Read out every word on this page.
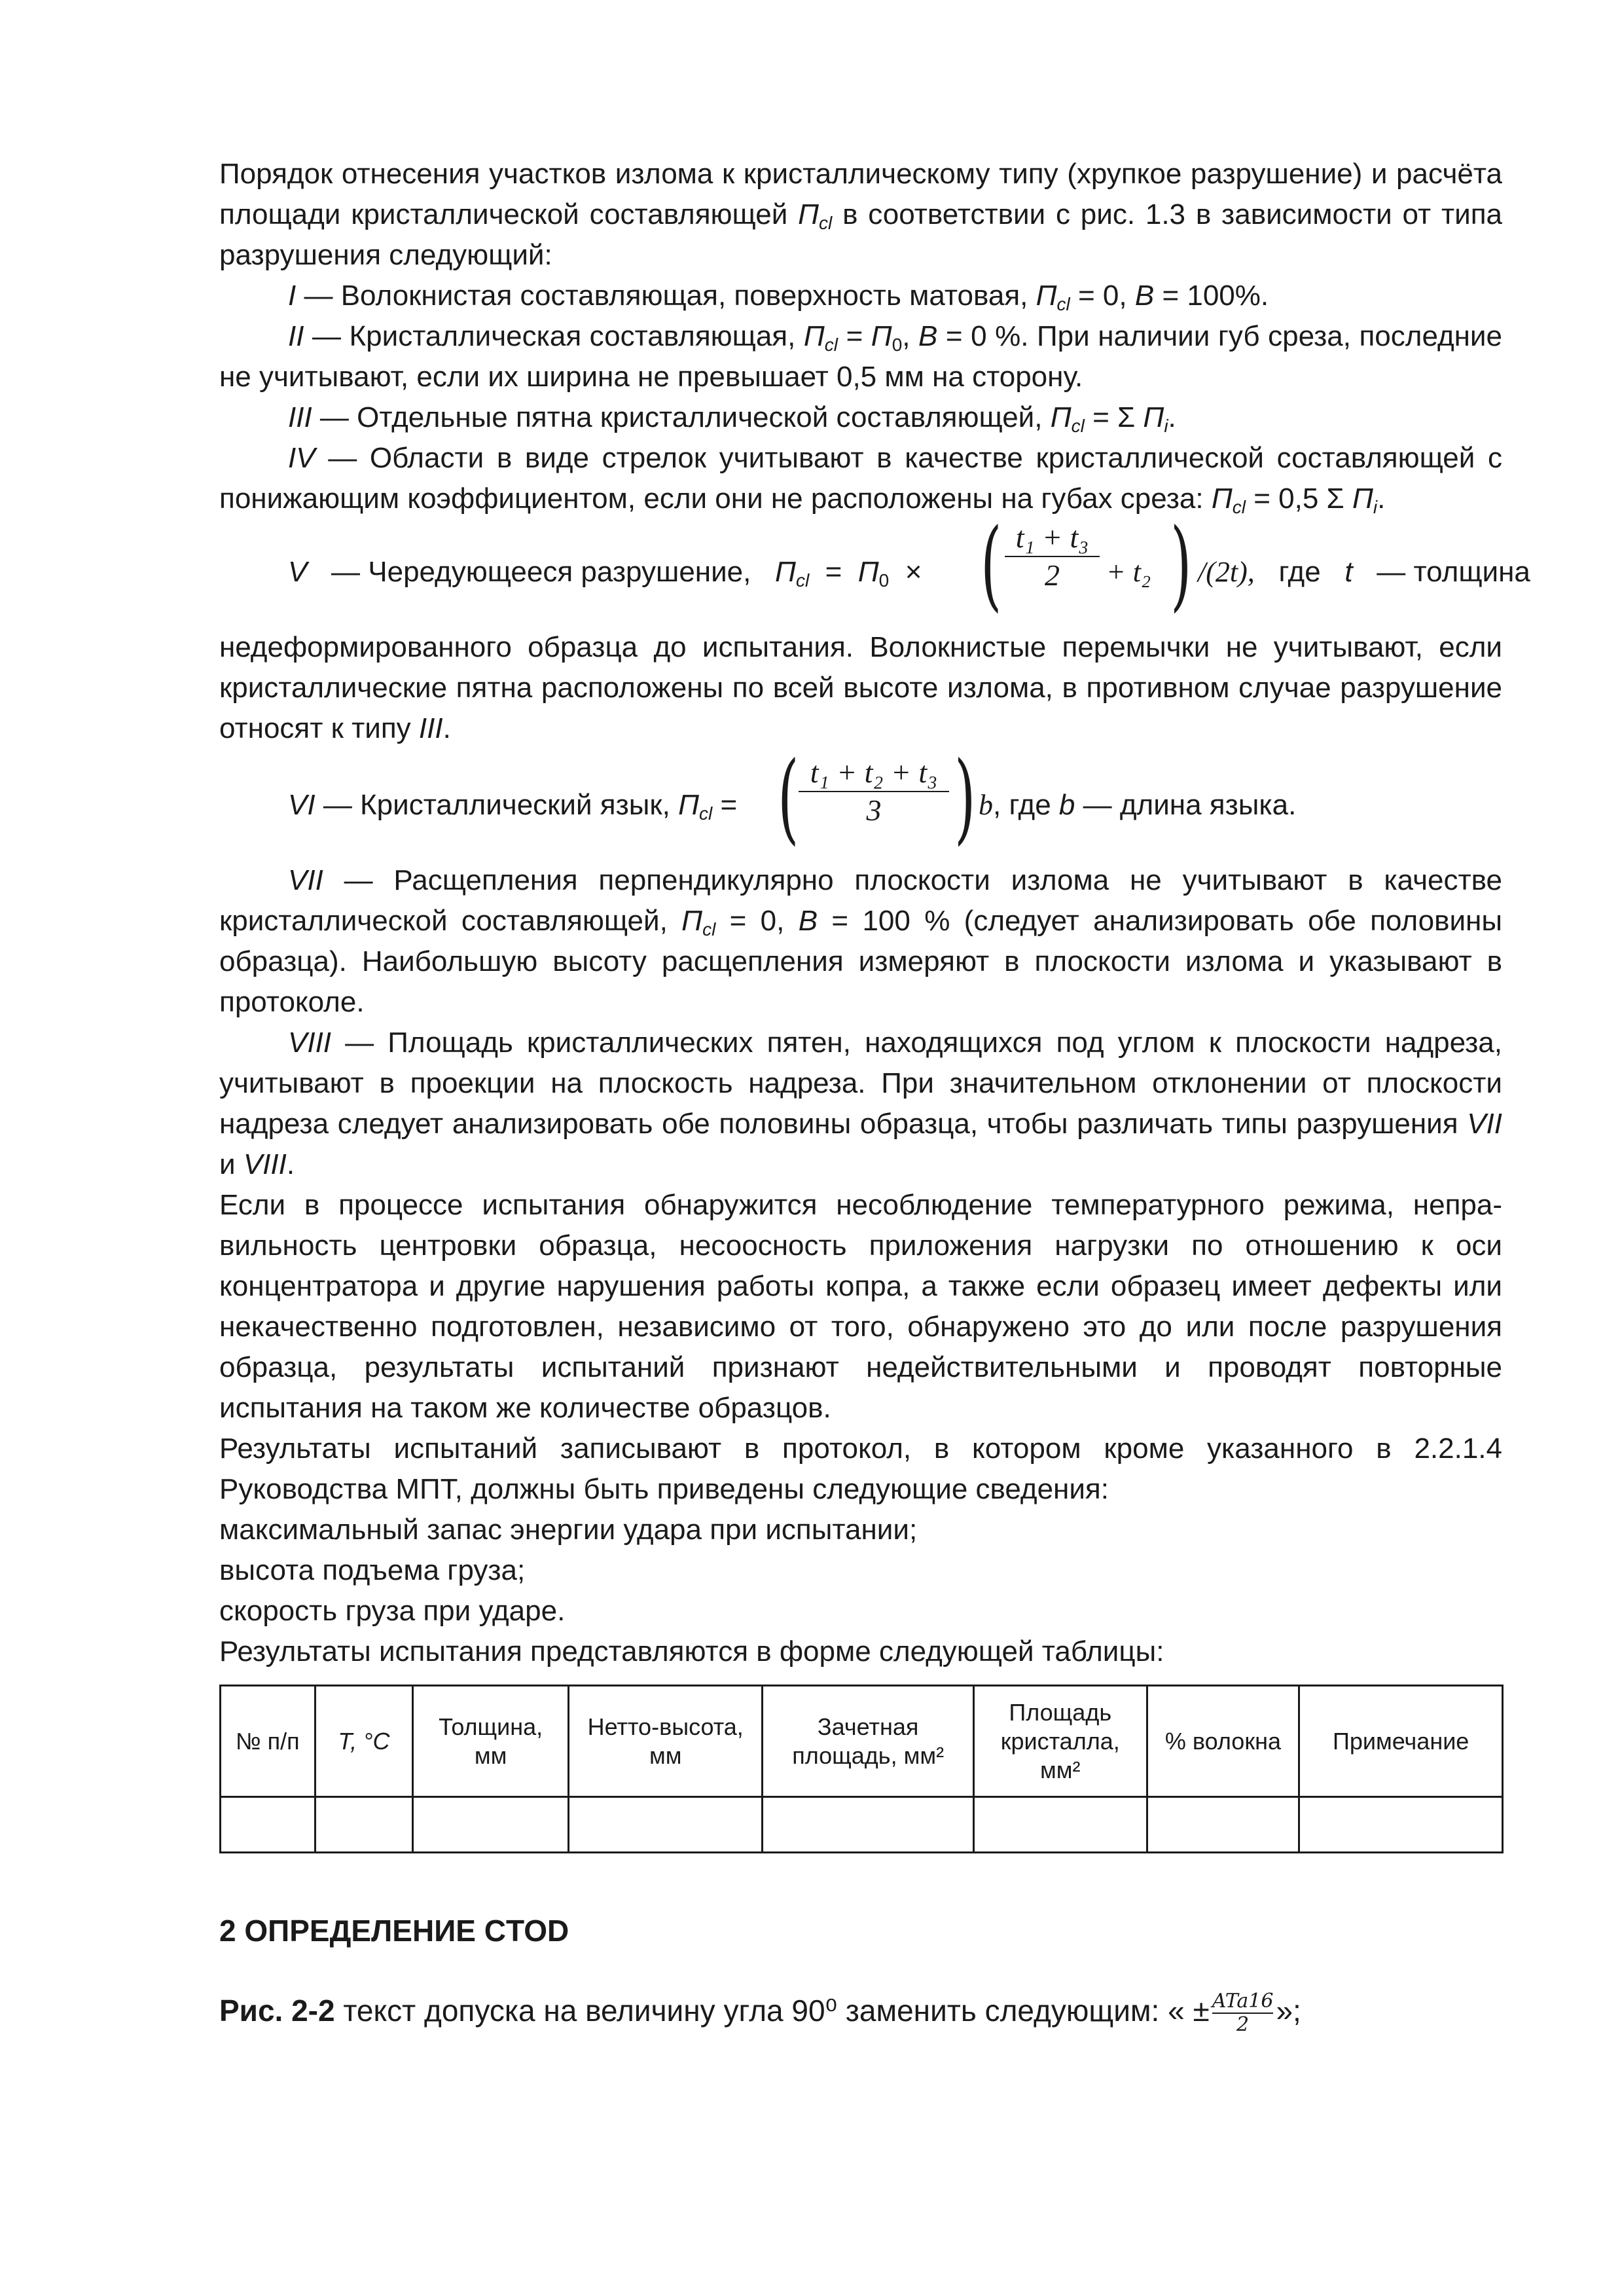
Порядок отнесения участков излома к кристаллическому типу (хрупкое разрушение) и расчёта площади кристаллической составляющей $П_{cl}$ в соответствии с рис. 1.3 в зависимости от типа разрушения следующий:

I — Волокнистая составляющая, поверхность матовая, $П_{cl} = 0$, B = 100%.

II — Кристаллическая составляющая, $П_{cl} = П_0$, B = 0 %. При наличии губ среза, последние не учитывают, если их ширина не превышает 0,5 мм на сторону.

III — Отдельные пятна кристаллической составляющей, $П_{cl} = \Sigma$ $П_i$.

IV — Области в виде стрелок учитывают в качестве кристаллической составляющей с понижающим коэффициентом, если они не расположены на губах среза: $П_{cl} = 0,5$ Σ $П_i$.

V — Чередующееся разрушение, $П_{cl} = П_0$ × ( t₁ + t₃
2	+ t₂ ) /(2t), где t — толщина

недеформированного образца до испытания. Волокнистые перемычки не учитывают, если кристаллические пятна расположены по всей высоте излома, в противном случае разрушение относят к типу III.

VI — Кристаллический язык, $П_{cl}$ = ( t₁ + t₂ + t₃
3 ) b, где b — длина языка.

VII — Расщепления перпендикулярно плоскости излома не учитывают в качестве кристаллической составляющей, $П_{cl} = 0$, B = 100 % (следует анализировать обе половины образца). Наибольшую высоту расщепления измеряют в плоскости излома и указывают в протоколе.

VIII — Площадь кристаллических пятен, находящихся под углом к плоскости надреза, учитывают в проекции на плоскость надреза. При значительном отклонении от плоскости надреза следует анализировать обе половины образца, чтобы различать типы разрушения VII и VIII.

Если в процессе испытания обнаружится несоблюдение температурного режима, непра-вильность центровки образца, несоосность приложения нагрузки по отношению к оси концентратора и другие нарушения работы копра, а также если образец имеет дефекты или некачественно подготовлен, независимо от того, обнаружено это до или после разрушения образца, результаты испытаний признают недействительными и проводят повторные испытания на таком же количестве образцов.

Результаты испытаний записывают в протокол, в котором кроме указанного в 2.2.1.4 Руководства МПТ, должны быть приведены следующие сведения:

максимальный запас энергии удара при испытании;

высота подъема груза;

скорость груза при ударе.

Результаты испытания представляются в форме следующей таблицы:

№ п/п	T, °C	Толщина, мм	Нетто-высота, мм	Зачетная площадь, мм²	Площадь кристалла, мм²	% волокна	Примечание

2 ОПРЕДЕЛЕНИЕ CTOD
Рис. 2-2 текст допуска на величину угла 90⁰ заменить следующим: « ± $\frac{\text{ATa16}}{2}$ »;
